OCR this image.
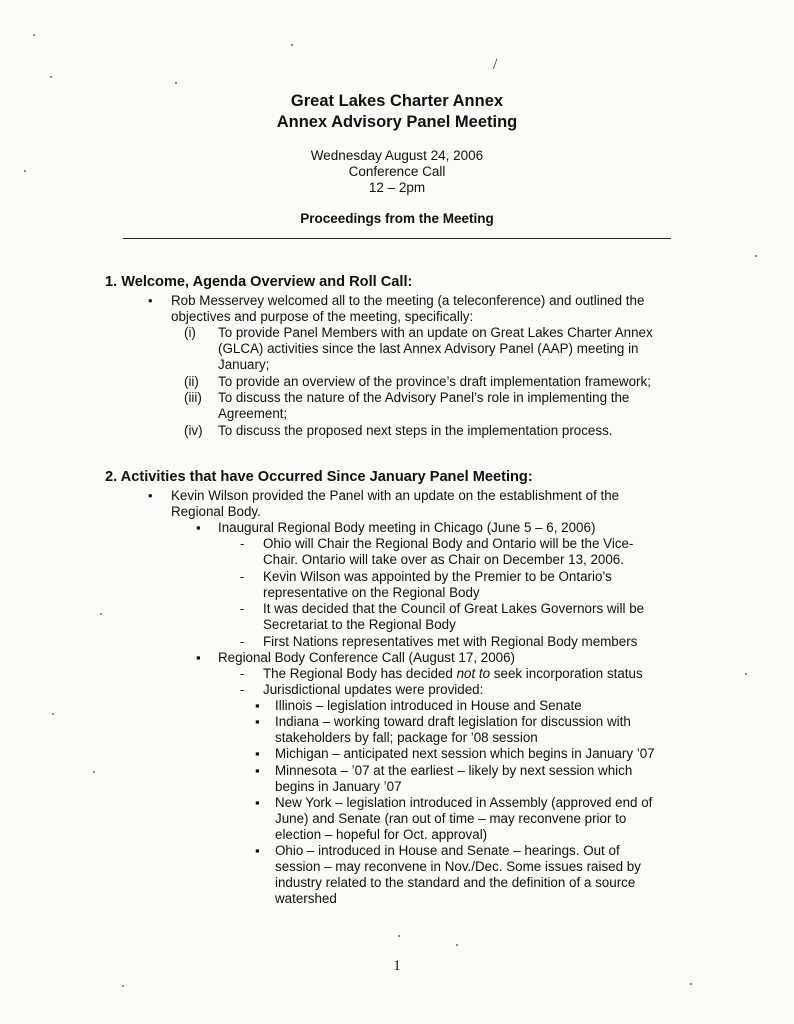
/
Great Lakes Charter Annex
Annex Advisory Panel Meeting
Wednesday August 24, 2006
Conference Call
12 – 2pm
Proceedings from the Meeting
1. Welcome, Agenda Overview and Roll Call:
• Rob Messervey welcomed all to the meeting (a teleconference) and outlined the
objectives and purpose of the meeting, specifically:
(i) To provide Panel Members with an update on Great Lakes Charter Annex
(GLCA) activities since the last Annex Advisory Panel (AAP) meeting in
January;
(ii) To provide an overview of the province’s draft implementation framework;
(iii) To discuss the nature of the Advisory Panel’s role in implementing the
Agreement;
(iv) To discuss the proposed next steps in the implementation process.
2. Activities that have Occurred Since January Panel Meeting:
• Kevin Wilson provided the Panel with an update on the establishment of the
Regional Body.
▪ Inaugural Regional Body meeting in Chicago (June 5 – 6, 2006)
- Ohio will Chair the Regional Body and Ontario will be the Vice-
Chair. Ontario will take over as Chair on December 13, 2006.
- Kevin Wilson was appointed by the Premier to be Ontario’s
representative on the Regional Body
- It was decided that the Council of Great Lakes Governors will be
Secretariat to the Regional Body
- First Nations representatives met with Regional Body members
▪ Regional Body Conference Call (August 17, 2006)
- The Regional Body has decided not to seek incorporation status
- Jurisdictional updates were provided:
▪ Illinois – legislation introduced in House and Senate
▪ Indiana – working toward draft legislation for discussion with
stakeholders by fall; package for ’08 session
▪ Michigan – anticipated next session which begins in January ’07
▪ Minnesota – ’07 at the earliest – likely by next session which
begins in January ’07
▪ New York – legislation introduced in Assembly (approved end of
June) and Senate (ran out of time – may reconvene prior to
election – hopeful for Oct. approval)
▪ Ohio – introduced in House and Senate – hearings. Out of
session – may reconvene in Nov./Dec. Some issues raised by
industry related to the standard and the definition of a source
watershed
1
